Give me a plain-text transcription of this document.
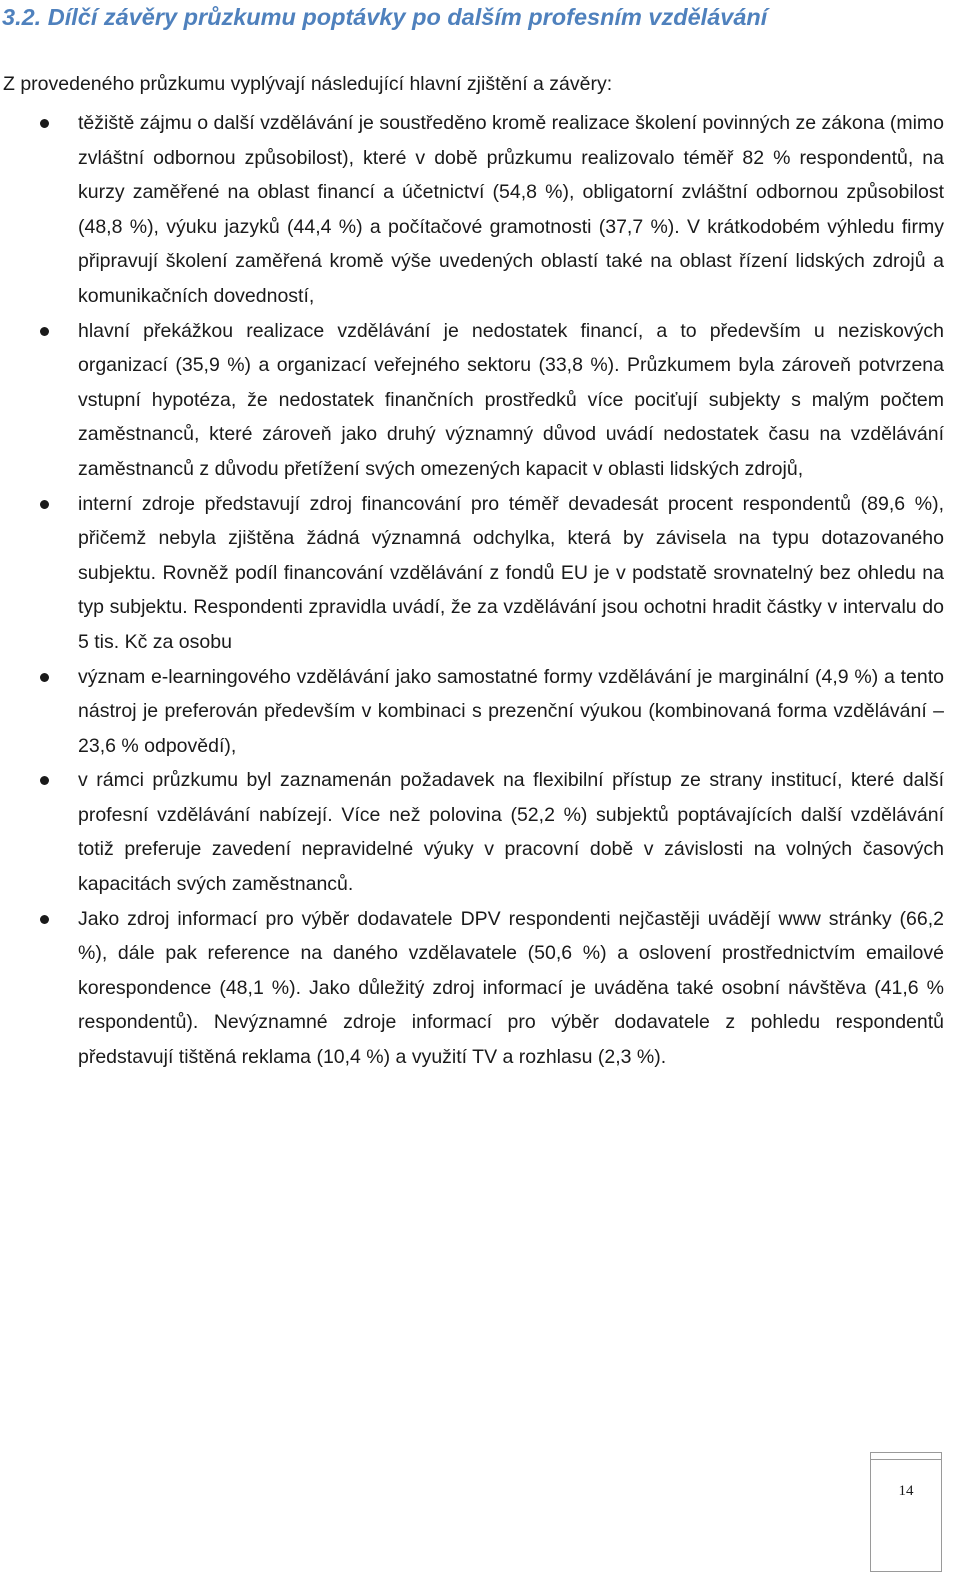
3.2. Dílčí závěry průzkumu poptávky po dalším profesním vzdělávání
Z provedeného průzkumu vyplývají následující hlavní zjištění a závěry:
těžiště zájmu o další vzdělávání je soustředěno kromě realizace školení povinných ze zákona (mimo zvláštní odbornou způsobilost), které v době průzkumu realizovalo téměř 82 % respondentů, na kurzy zaměřené na oblast financí a účetnictví (54,8 %), obligatorní zvláštní odbornou způsobilost (48,8 %), výuku jazyků (44,4 %) a počítačové gramotnosti (37,7 %). V krátkodobém výhledu firmy připravují školení zaměřená kromě výše uvedených oblastí také na oblast řízení lidských zdrojů a komunikačních dovedností,
hlavní překážkou realizace vzdělávání je nedostatek financí, a to především u neziskových organizací (35,9 %) a organizací veřejného sektoru (33,8 %). Průzkumem byla zároveň potvrzena vstupní hypotéza, že nedostatek finančních prostředků více pociťují subjekty s malým počtem zaměstnanců, které zároveň jako druhý významný důvod uvádí nedostatek času na vzdělávání zaměstnanců z důvodu přetížení svých omezených kapacit v oblasti lidských zdrojů,
interní zdroje představují zdroj financování pro téměř devadesát procent respondentů (89,6 %), přičemž nebyla zjištěna žádná významná odchylka, která by závisela na typu dotazovaného subjektu. Rovněž podíl financování vzdělávání z fondů EU je v podstatě srovnatelný bez ohledu na typ subjektu. Respondenti zpravidla uvádí, že za vzdělávání jsou ochotni hradit částky v intervalu do 5 tis. Kč za osobu
význam e-learningového vzdělávání jako samostatné formy vzdělávání je marginální (4,9 %) a tento nástroj je preferován především v kombinaci s prezenční výukou (kombinovaná forma vzdělávání – 23,6 % odpovědí),
v rámci průzkumu byl zaznamenán požadavek na flexibilní přístup ze strany institucí, které další profesní vzdělávání nabízejí. Více než polovina (52,2 %) subjektů poptávajících další vzdělávání totiž preferuje zavedení nepravidelné výuky v pracovní době v závislosti na volných časových kapacitách svých zaměstnanců.
Jako zdroj informací pro výběr dodavatele DPV respondenti nejčastěji uvádějí www stránky (66,2 %), dále pak reference na daného vzdělavatele (50,6 %) a oslovení prostřednictvím emailové korespondence (48,1 %). Jako důležitý zdroj informací je uváděna také osobní návštěva (41,6 % respondentů). Nevýznamné zdroje informací pro výběr dodavatele z pohledu respondentů představují tištěná reklama (10,4 %) a využití TV a rozhlasu (2,3 %).
14
